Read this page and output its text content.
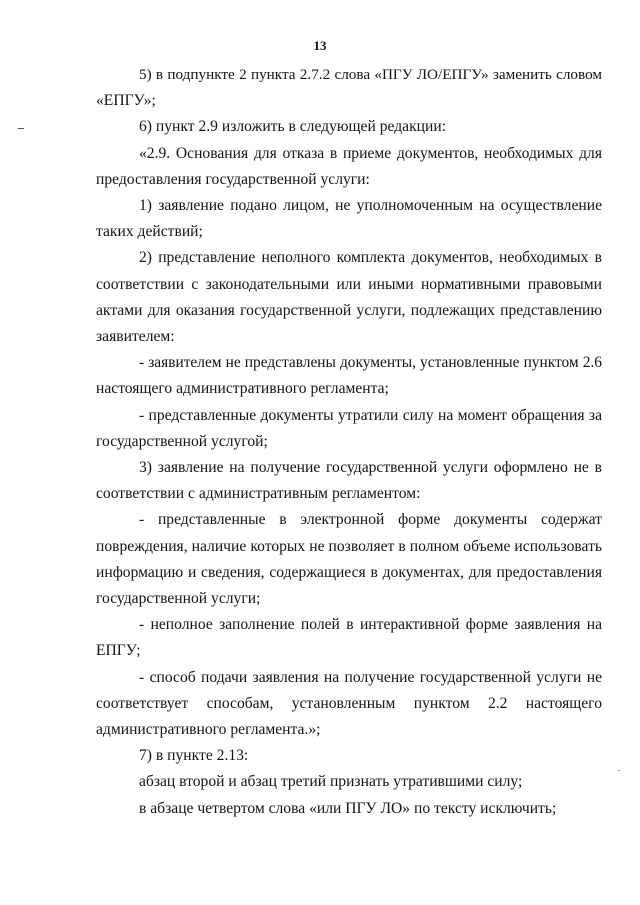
13
5) в подпункте 2 пункта 2.7.2 слова «ПГУ ЛО/ЕПГУ» заменить словом
«ЕПГУ»;
6) пункт 2.9 изложить в следующей редакции:
«2.9. Основания для отказа в приеме документов, необходимых для
предоставления государственной услуги:
1) заявление подано лицом, не уполномоченным на осуществление
таких действий;
2) представление неполного комплекта документов, необходимых в
соответствии с законодательными или иными нормативными правовыми
актами для оказания государственной услуги, подлежащих представлению
заявителем:
- заявителем не представлены документы, установленные пунктом 2.6
настоящего административного регламента;
- представленные документы утратили силу на момент обращения за
государственной услугой;
3) заявление на получение государственной услуги оформлено не в
соответствии с административным регламентом:
- представленные в электронной форме документы содержат
повреждения, наличие которых не позволяет в полном объеме использовать
информацию и сведения, содержащиеся в документах, для предоставления
государственной услуги;
- неполное заполнение полей в интерактивной форме заявления на
ЕПГУ;
- способ подачи заявления на получение государственной услуги не
соответствует способам, установленным пунктом 2.2 настоящего
административного регламента.»;
7) в пункте 2.13:
абзац второй и абзац третий признать утратившими силу;
в абзаце четвертом слова «или ПГУ ЛО» по тексту исключить;
